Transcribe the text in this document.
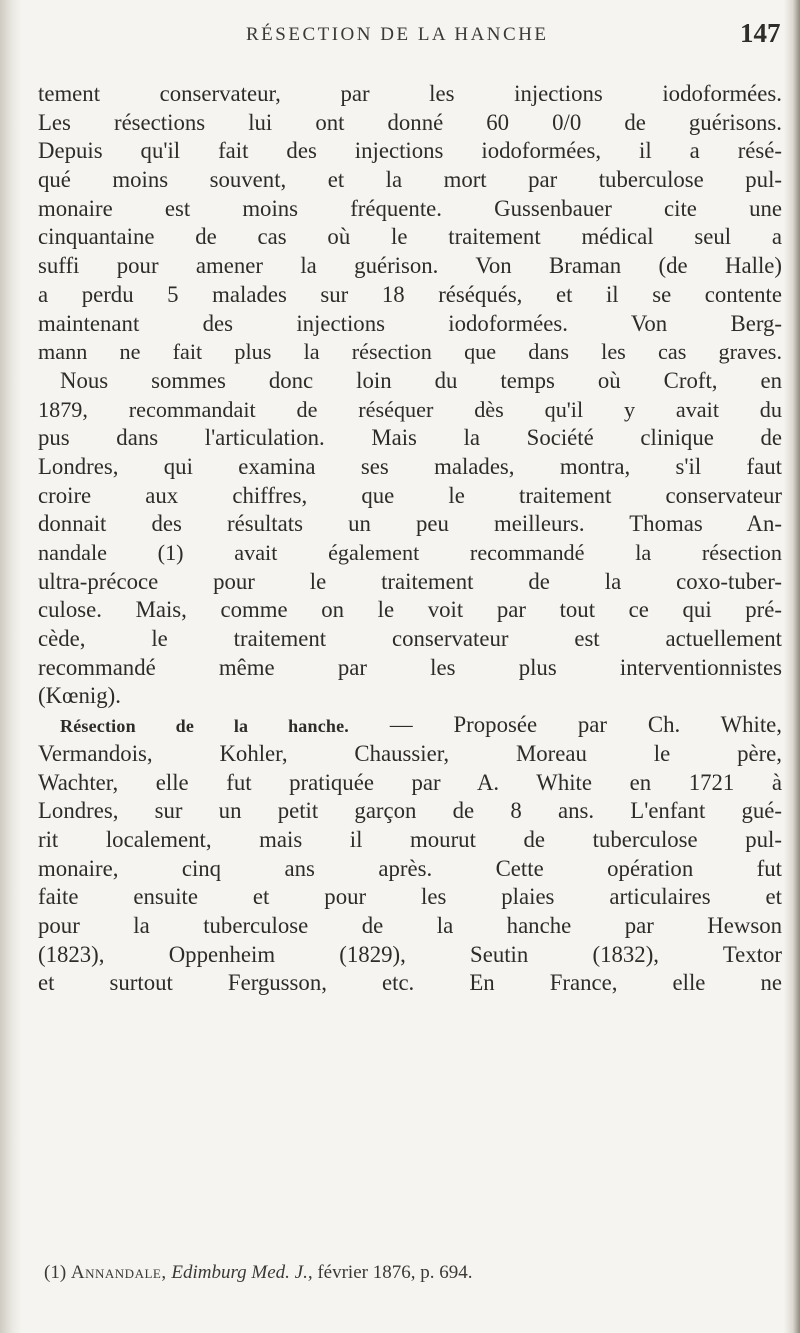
RÉSECTION DE LA HANCHE	147
tement conservateur, par les injections iodoformées.
Les résections lui ont donné 60 0/0 de guérisons.
Depuis qu'il fait des injections iodoformées, il a résé-
qué moins souvent, et la mort par tuberculose pul-
monaire est moins fréquente. Gussenbauer cite une
cinquantaine de cas où le traitement médical seul a
suffi pour amener la guérison. Von Braman (de Halle)
a perdu 5 malades sur 18 réséqués, et il se contente
maintenant des injections iodoformées. Von Berg-
mann ne fait plus la résection que dans les cas graves.
Nous sommes donc loin du temps où Croft, en
1879, recommandait de réséquer dès qu'il y avait du
pus dans l'articulation. Mais la Société clinique de
Londres, qui examina ses malades, montra, s'il faut
croire aux chiffres, que le traitement conservateur
donnait des résultats un peu meilleurs. Thomas An-
nandale (1) avait également recommandé la résection
ultra-précoce pour le traitement de la coxo-tuber-
culose. Mais, comme on le voit par tout ce qui pré-
cède, le traitement conservateur est actuellement
recommandé même par les plus interventionnistes
(Kœnig).
Résection de la hanche. — Proposée par Ch. White,
Vermandois, Kohler, Chaussier, Moreau le père,
Wachter, elle fut pratiquée par A. White en 1721 à
Londres, sur un petit garçon de 8 ans. L'enfant gué-
rit localement, mais il mourut de tuberculose pul-
monaire, cinq ans après. Cette opération fut
faite ensuite et pour les plaies articulaires et
pour la tuberculose de la hanche par Hewson
(1823), Oppenheim (1829), Seutin (1832), Textor
et surtout Fergusson, etc. En France, elle ne
(1) Annandale, Edimburg Med. J., février 1876, p. 694.
